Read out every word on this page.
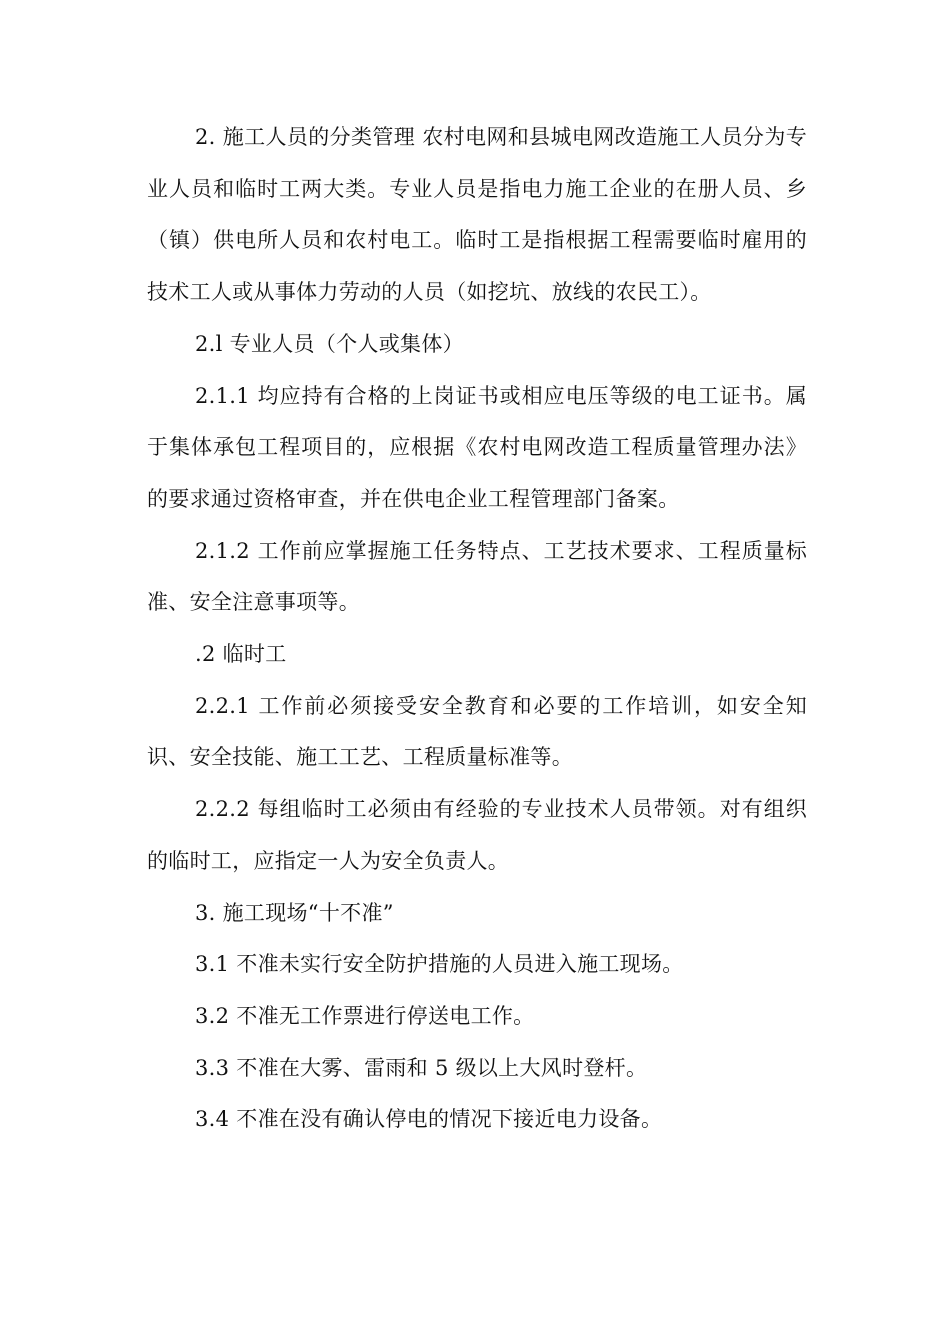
2. 施工人员的分类管理 农村电网和县城电网改造施工人员分为专业人员和临时工两大类。专业人员是指电力施工企业的在册人员、乡（镇）供电所人员和农村电工。临时工是指根据工程需要临时雇用的技术工人或从事体力劳动的人员（如挖坑、放线的农民工）。

2.l 专业人员（个人或集体）

2.1.1 均应持有合格的上岗证书或相应电压等级的电工证书。属于集体承包工程项目的，应根据《农村电网改造工程质量管理办法》的要求通过资格审查，并在供电企业工程管理部门备案。

2.1.2 工作前应掌握施工任务特点、工艺技术要求、工程质量标准、安全注意事项等。

.2 临时工

2.2.1 工作前必须接受安全教育和必要的工作培训，如安全知识、安全技能、施工工艺、工程质量标准等。

2.2.2 每组临时工必须由有经验的专业技术人员带领。对有组织的临时工，应指定一人为安全负责人。

3. 施工现场“十不准”

3.1 不准未实行安全防护措施的人员进入施工现场。

3.2 不准无工作票进行停送电工作。

3.3 不准在大雾、雷雨和 5 级以上大风时登杆。

3.4 不准在没有确认停电的情况下接近电力设备。
